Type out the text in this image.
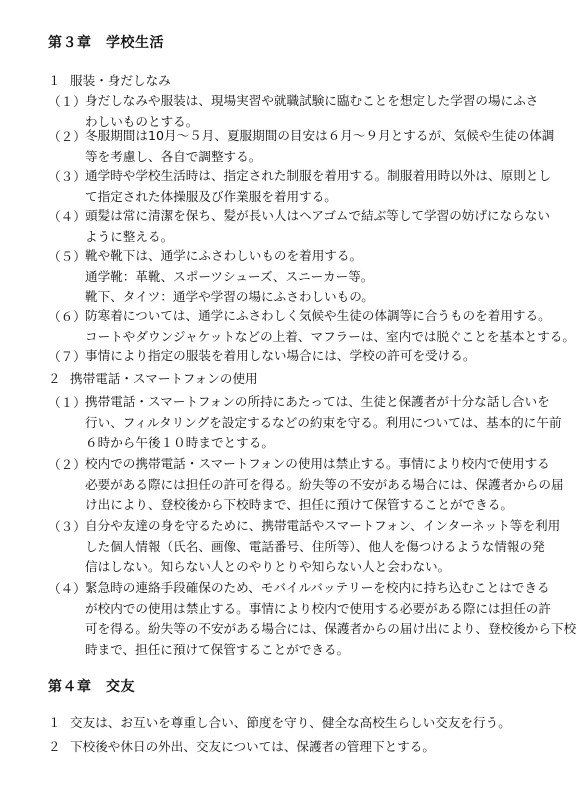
第３章　学校生活
１ 服装・身だしなみ
（１） 身だしなみや服装は、現場実習や就職試験に臨むことを想定した学習の場にふさ
わしいものとする。
（２） 冬服期間は10月～５月、夏服期間の目安は６月～９月とするが、気候や生徒の体調
等を考慮し、各自で調整する。
（３） 通学時や学校生活時は、指定された制服を着用する。制服着用時以外は、原則とし
て指定された体操服及び作業服を着用する。
（４） 頭髪は常に清潔を保ち、髪が長い人はヘアゴムで結ぶ等して学習の妨げにならない
ように整える。
（５） 靴や靴下は、通学にふさわしいものを着用する。
通学靴：革靴、スポーツシューズ、スニーカー等。
靴下、タイツ：通学や学習の場にふさわしいもの。
（６） 防寒着については、通学にふさわしく気候や生徒の体調等に合うものを着用する。
コートやダウンジャケットなどの上着、マフラーは、室内では脱ぐことを基本とする。
（７） 事情により指定の服装を着用しない場合には、学校の許可を受ける。
２ 携帯電話・スマートフォンの使用
（１） 携帯電話・スマートフォンの所持にあたっては、生徒と保護者が十分な話し合いを
行い、フィルタリングを設定するなどの約束を守る。利用については、基本的に午前
６時から午後１０時までとする。
（２） 校内での携帯電話・スマートフォンの使用は禁止する。事情により校内で使用する
必要がある際には担任の許可を得る。紛失等の不安がある場合には、保護者からの届
け出により、登校後から下校時まで、担任に預けて保管することができる。
（３） 自分や友達の身を守るために、携帯電話やスマートフォン、インターネット等を利用
した個人情報（氏名、画像、電話番号、住所等）、他人を傷つけるような情報の発
信はしない。知らない人とのやりとりや知らない人と会わない。
（４） 緊急時の連絡手段確保のため、モバイルバッテリーを校内に持ち込むことはできる
が校内での使用は禁止する。事情により校内で使用する必要がある際には担任の許
可を得る。紛失等の不安がある場合には、保護者からの届け出により、登校後から下校
時まで、担任に預けて保管することができる。
第４章　交友
１ 交友は、お互いを尊重し合い、節度を守り、健全な高校生らしい交友を行う。
２ 下校後や休日の外出、交友については、保護者の管理下とする。
